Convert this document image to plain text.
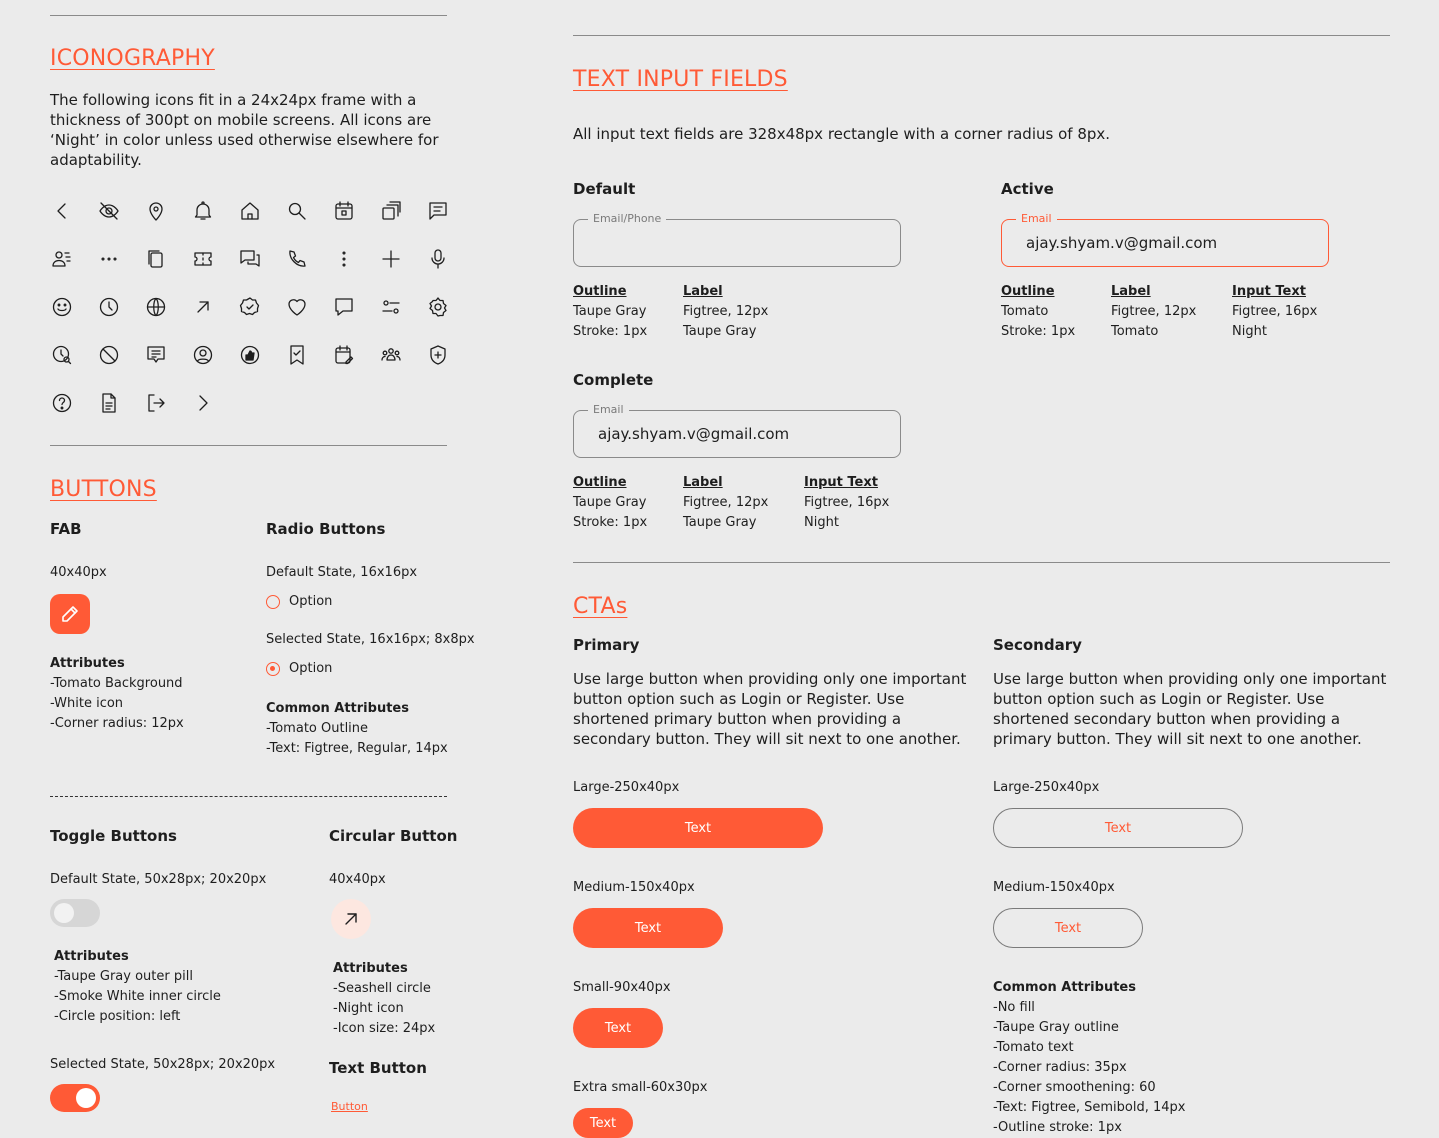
ICONOGRAPHY
The following icons fit in a 24x24px frame with a thickness of 300pt on mobile screens. All icons are ‘Night’ in color unless used otherwise elsewhere for adaptability.
BUTTONS
FAB
40x40px
Attributes
-Tomato Background
-White icon
-Corner radius: 12px
Radio Buttons
Default State, 16x16px
Option
Selected State, 16x16px; 8x8px
Option
Common Attributes
-Tomato Outline
-Text: Figtree, Regular, 14px
Toggle Buttons
Default State, 50x28px; 20x20px
Attributes
-Taupe Gray outer pill
-Smoke White inner circle
-Circle position: left
Selected State, 50x28px; 20x20px
Circular Button
40x40px
Attributes
-Seashell circle
-Night icon
-Icon size: 24px
Text Button
Button
TEXT INPUT FIELDS
All input text fields are 328x48px rectangle with a corner radius of 8px.
Default
Email/Phone
Outline
Taupe Gray
Stroke: 1px
Label
Figtree, 12px
Taupe Gray
Active
Email
ajay.shyam.v@gmail.com
Outline
Tomato
Stroke: 1px
Label
Figtree, 12px
Tomato
Input Text
Figtree, 16px
Night
Complete
Email
ajay.shyam.v@gmail.com
Outline
Taupe Gray
Stroke: 1px
Label
Figtree, 12px
Taupe Gray
Input Text
Figtree, 16px
Night
CTAs
Primary
Use large button when providing only one important button option such as Login or Register. Use shortened primary button when providing a secondary button. They will sit next to one another.
Large-250x40px
Text
Medium-150x40px
Text
Small-90x40px
Text
Extra small-60x30px
Text
Secondary
Use large button when providing only one important button option such as Login or Register. Use shortened secondary button when providing a primary button. They will sit next to one another.
Large-250x40px
Text
Medium-150x40px
Text
Common Attributes
-No fill
-Taupe Gray outline
-Tomato text
-Corner radius: 35px
-Corner smoothening: 60
-Text: Figtree, Semibold, 14px
-Outline stroke: 1px
